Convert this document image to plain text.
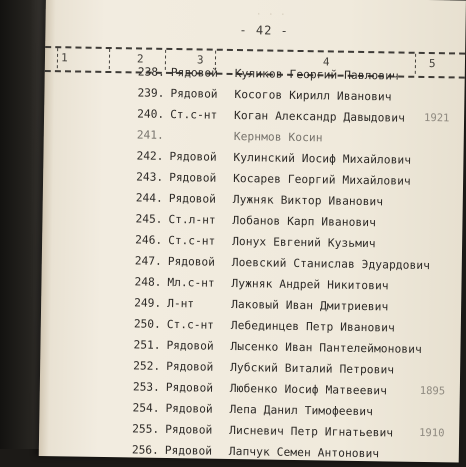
- 42 -
1	2	3	4	5
· · ·
238. Рядовой Куликов Георгий Павлович
239. Рядовой Косогов Кирилл Иванович
240. Ст.с-нт Коган Александр Давыдович 1921
241.	Кернмов Косин
242. Рядовой Кулинский Иосиф Михайлович
243. Рядовой Косарев Георгий Михайлович
244. Рядовой Лужняк Виктор Иванович
245. Ст.л-нт Лобанов Карп Иванович
246. Ст.с-нт Лонух Евгений Кузьмич
247. Рядовой Лоевский Станислав Эдуардович
248. Мл.с-нт Лужняк Андрей Никитович
249. Л-нт	Лаковый Иван Дмитриевич
250. Ст.с-нт Лебединцев Петр Иванович
251. Рядовой Лысенко Иван Пантелеймонович
252. Рядовой Лубский Виталий Петрович
253. Рядовой Любенко Иосиф Матвеевич	1895
254. Рядовой Лепа Данил Тимофеевич
255. Рядовой Лисневич Петр Игнатьевич 1910
256. Рядовой Лапчук Семен Антонович
